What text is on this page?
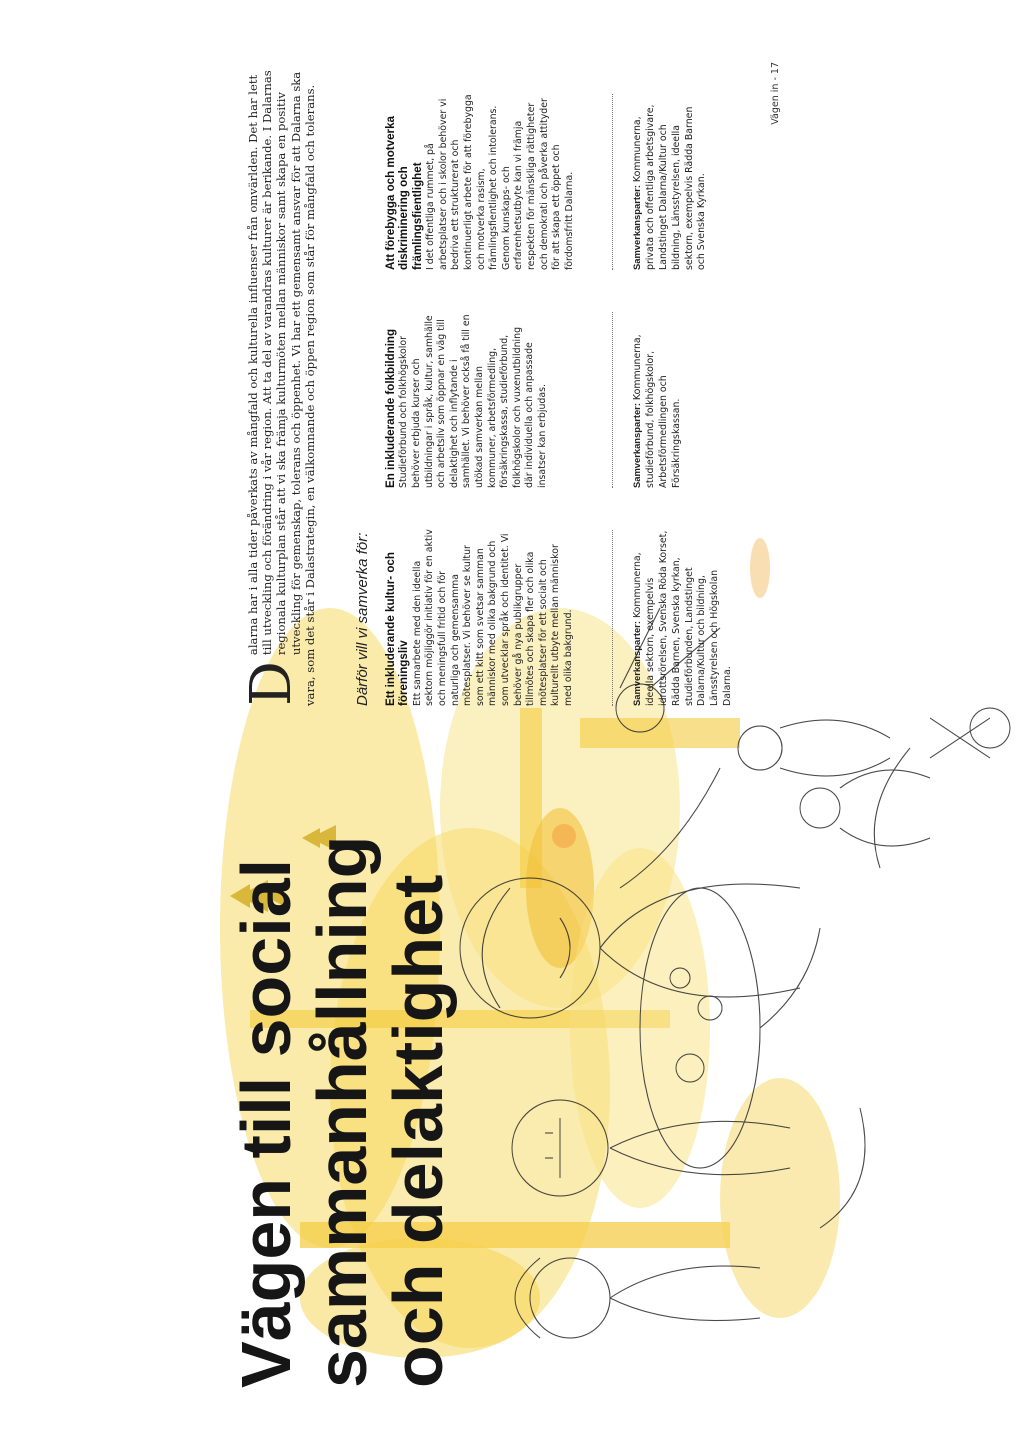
Vägen till social
sammanhållning
och delaktighet

D
alarna har i alla tider påverkats av mångfald och kulturella influenser från omvärlden. Det har lett till utveckling och förändring i vår region. Att ta del av varandras kulturer är berikande. I Dalarnas regionala kulturplan står att vi ska främja kulturmöten mellan människor samt skapa en positiv utveckling för gemenskap, tolerans och öppenhet. Vi har ett gemensamt ansvar för att Dalarna ska vara, som det står i Dalastrategin, en välkomnande och öppen region som står för mångfald och tolerans. Därför vill vi samverka för: Ett inkluderande kultur- och föreningsliv Ett samarbete med den ideella sektorn möjliggör initiativ för en aktiv och meningsfull fritid och för naturliga och gemensamma mötesplatser. Vi behöver se kultur som ett kitt som svetsar samman människor med olika bakgrund och som utvecklar språk och identitet. Vi behöver gå nya publikgrupper tillmötes och skapa fler och olika mötesplatser för ett socialt och kulturellt utbyte mellan människor med olika bakgrund.

En inkluderande folkbildning Studieförbund och folkhögskolor behöver erbjuda kurser och utbildningar i språk, kultur, samhälle och arbetsliv som öppnar en väg till delaktighet och inflytande i samhället. Vi behöver också få till en utökad samverkan mellan kommuner, arbetsförmedling, försäkringskassa, studieförbund, folkhögskolor och vuxenutbildning där individuella och anpassade insatser kan erbjudas.

Att förebygga och motverka diskriminering och främlingsfientlighet I det offentliga rummet, på arbetsplatser och i skolor behöver vi bedriva ett strukturerat och kontinuerligt arbete för att förebygga och motverka rasism, främlingsfientlighet och intolerans. Genom kunskaps- och erfarenhetsutbyte kan vi främja respekten för mänskliga rättigheter och demokrati och påverka attityder för att skapa ett öppet och fördomsfritt Dalarna.

Samverkansparter: Kommunerna, ideella sektorn, exempelvis idrottsrörelsen, Svenska Röda Korset, Rädda Barnen, Svenska kyrkan, studieförbunden, Landstinget Dalarna/Kultur och bildning, Länsstyrelsen och Högskolan Dalarna.

Samverkansparter: Kommunerna, studieförbund, folkhögskolor, Arbetsförmedlingen och Försäkringskassan.

Samverkansparter: Kommunerna, privata och offentliga arbetsgivare, Landstinget Dalarna/Kultur och bildning, Länsstyrelsen, ideella sektorn, exempelvis Rädda Barnen och Svenska Kyrkan.

Vägen in - 17
